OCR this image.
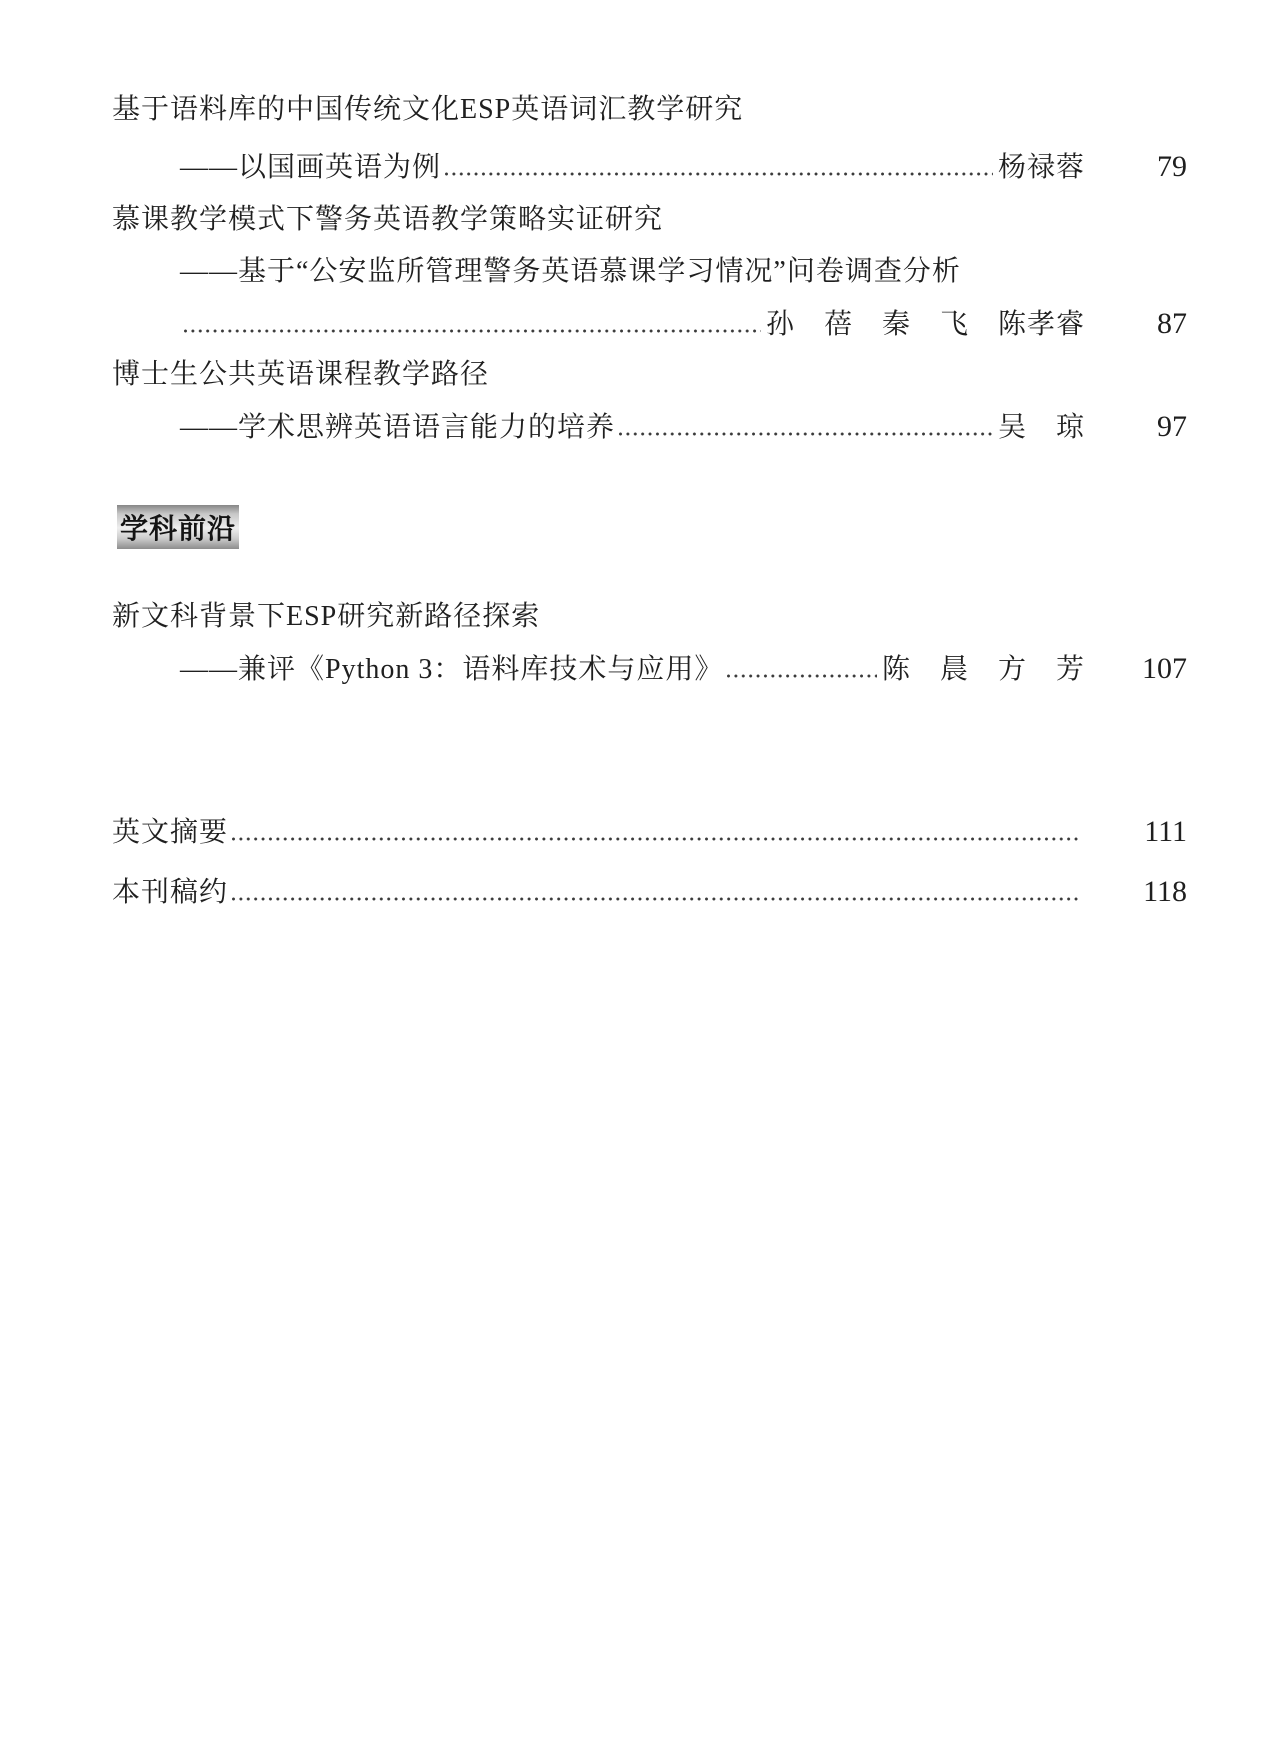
基于语料库的中国传统文化ESP英语词汇教学研究
——以国画英语为例	杨禄蓉	79
慕课教学模式下警务英语教学策略实证研究
——基于“公安监所管理警务英语慕课学习情况”问卷调查分析
孙　蓓　秦　飞　陈孝睿	87
博士生公共英语课程教学路径
——学术思辨英语语言能力的培养	吴　琼	97
学科前沿
新文科背景下ESP研究新路径探索
——兼评《Python 3：语料库技术与应用》	陈　晨　方　芳	107
英文摘要	111
本刊稿约	118
